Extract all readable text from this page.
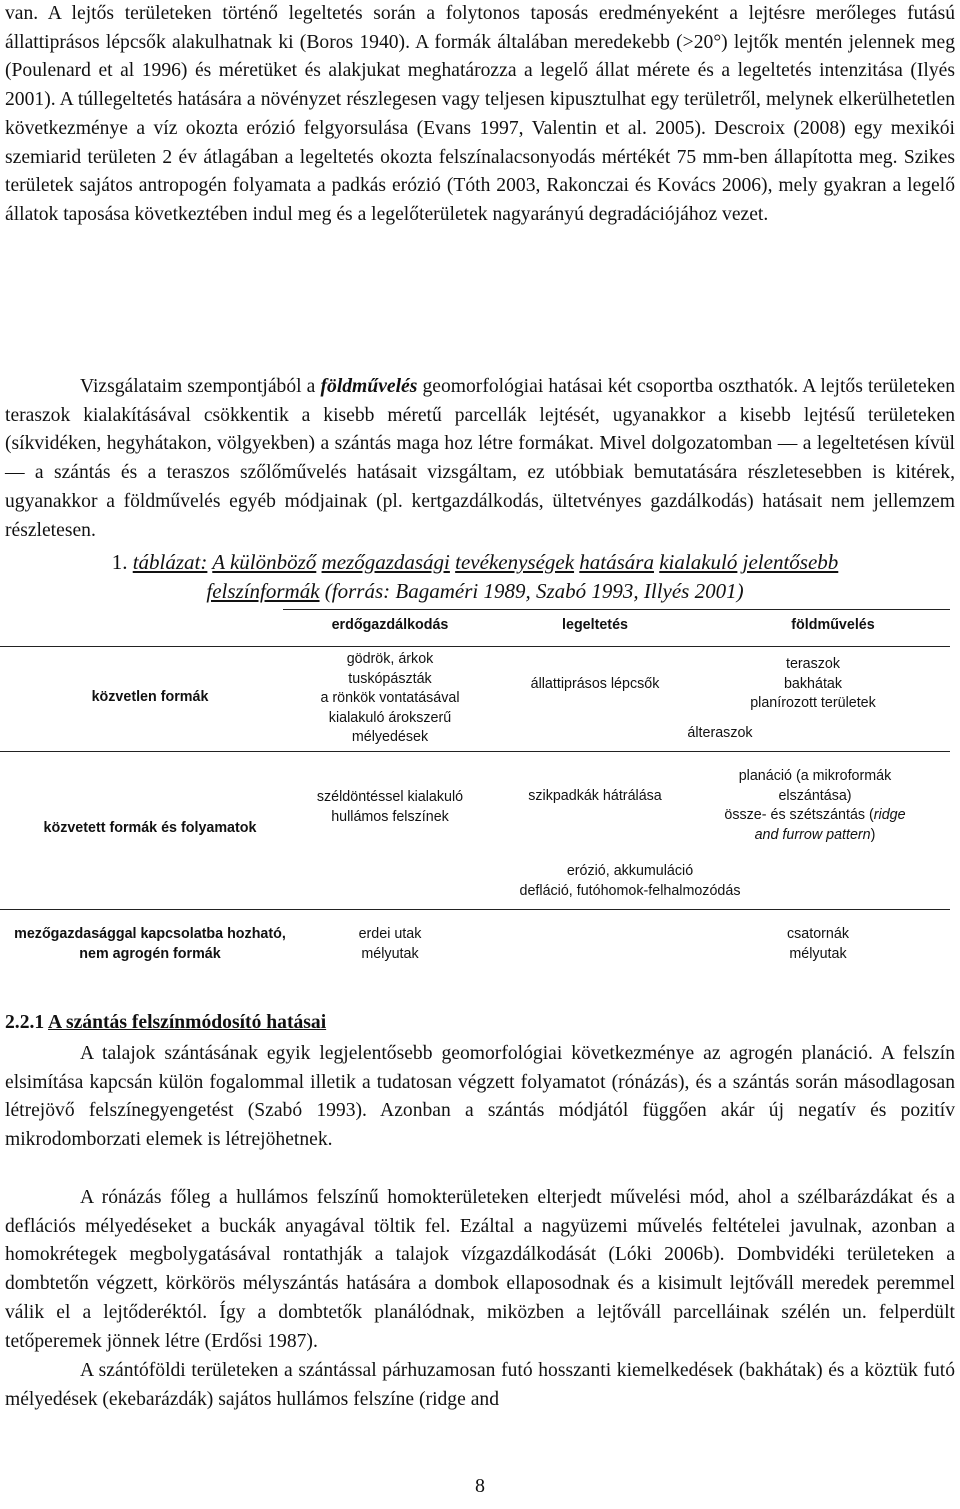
van. A lejtős területeken történő legeltetés során a folytonos taposás eredményeként a lejtésre merőleges futású állattiprásos lépcsők alakulhatnak ki (Boros 1940). A formák általában meredekebb (>20°) lejtők mentén jelennek meg (Poulenard et al 1996) és méretüket és alakjukat meghatározza a legelő állat mérete és a legeltetés intenzitása (Ilyés 2001). A túllegeltetés hatására a növényzet részlegesen vagy teljesen kipusztulhat egy területről, melynek elkerülhetetlen következménye a víz okozta erózió felgyorsulása (Evans 1997, Valentin et al. 2005). Descroix (2008) egy mexikói szemiarid területen 2 év átlagában a legeltetés okozta felszínalacsonyodás mértékét 75 mm-ben állapította meg. Szikes területek sajátos antropogén folyamata a padkás erózió (Tóth 2003, Rakonczai és Kovács 2006), mely gyakran a legelő állatok taposása következtében indul meg és a legelőterületek nagyarányú degradációjához vezet.

Vizsgálataim szempontjából a földművelés geomorfológiai hatásai két csoportba oszthatók. A lejtős területeken teraszok kialakításával csökkentik a kisebb méretű parcellák lejtését, ugyanakkor a kisebb lejtésű területeken (síkvidéken, hegyhátakon, völgyekben) a szántás maga hoz létre formákat. Mivel dolgozatomban — a legeltetésen kívül — a szántás és a teraszos szőlőművelés hatásait vizsgáltam, ez utóbbiak bemutatására részletesebben is kitérek, ugyanakkor a földművelés egyéb módjainak (pl. kertgazdálkodás, ültetvényes gazdálkodás) hatásait nem jellemzem részletesen.

1. táblázat: A különböző mezőgazdasági tevékenységek hatására kialakuló jelentősebb
felszínformák (forrás: Bagaméri 1989, Szabó 1993, Illyés 2001)
erdőgazdálkodás	legeltetés	földművelés
közvetlen formák
közvetett formák és folyamatok
mezőgazdasággal kapcsolatba hozható, nem agrogén formák
gödrök, árkok
tuskópászták
a rönkök vontatásával
kialakuló árokszerű
mélyedések
állattiprásos lépcsők
teraszok
bakhátak
planírozott területek
álteraszok
széldöntéssel kialakuló
hullámos felszínek
szikpadkák hátrálása
planáció (a mikroformák
elszántása)
össze- és szétszántás (ridge
and furrow pattern)
erózió, akkumuláció
defláció, futóhomok-felhalmozódás
erdei utak
mélyutak
csatornák
mélyutak
2.2.1 A szántás felszínmódosító hatásai

A talajok szántásának egyik legjelentősebb geomorfológiai következménye az agrogén planáció. A felszín elsimítása kapcsán külön fogalommal illetik a tudatosan végzett folyamatot (rónázás), és a szántás során másodlagosan létrejövő felszínegyengetést (Szabó 1993). Azonban a szántás módjától függően akár új negatív és pozitív mikrodomborzati elemek is létrejöhetnek.

A rónázás főleg a hullámos felszínű homokterületeken elterjedt művelési mód, ahol a szélbarázdákat és a deflációs mélyedéseket a buckák anyagával töltik fel. Ezáltal a nagyüzemi művelés feltételei javulnak, azonban a homokrétegek megbolygatásával rontathják a talajok vízgazdálkodását (Lóki 2006b). Dombvidéki területeken a dombtetőn végzett, körkörös mélyszántás hatására a dombok ellaposodnak és a kisimult lejtőváll meredek peremmel válik el a lejtőderéktól. Így a dombtetők planálódnak, miközben a lejtőváll parcelláinak szélén un. felperdült tetőperemek jönnek létre (Erdősi 1987).

A szántóföldi területeken a szántással párhuzamosan futó hosszanti kiemelkedések (bakhátak) és a köztük futó mélyedések (ekebarázdák) sajátos hullámos felszíne (ridge and

8
